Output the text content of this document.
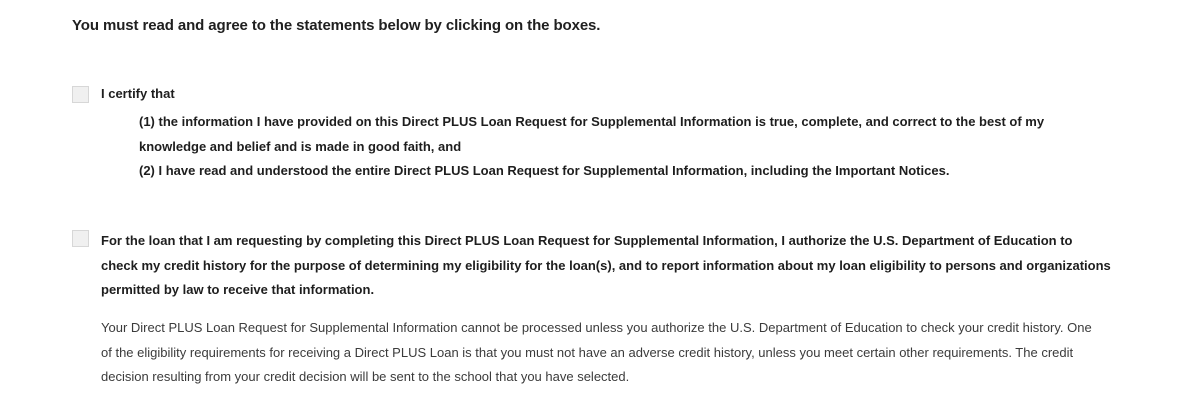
You must read and agree to the statements below by clicking on the boxes.
I certify that
(1) the information I have provided on this Direct PLUS Loan Request for Supplemental Information is true, complete, and correct to the best of my knowledge and belief and is made in good faith, and
(2) I have read and understood the entire Direct PLUS Loan Request for Supplemental Information, including the Important Notices.
For the loan that I am requesting by completing this Direct PLUS Loan Request for Supplemental Information, I authorize the U.S. Department of Education to check my credit history for the purpose of determining my eligibility for the loan(s), and to report information about my loan eligibility to persons and organizations permitted by law to receive that information.
Your Direct PLUS Loan Request for Supplemental Information cannot be processed unless you authorize the U.S. Department of Education to check your credit history. One of the eligibility requirements for receiving a Direct PLUS Loan is that you must not have an adverse credit history, unless you meet certain other requirements. The credit decision resulting from your credit decision will be sent to the school that you have selected.
